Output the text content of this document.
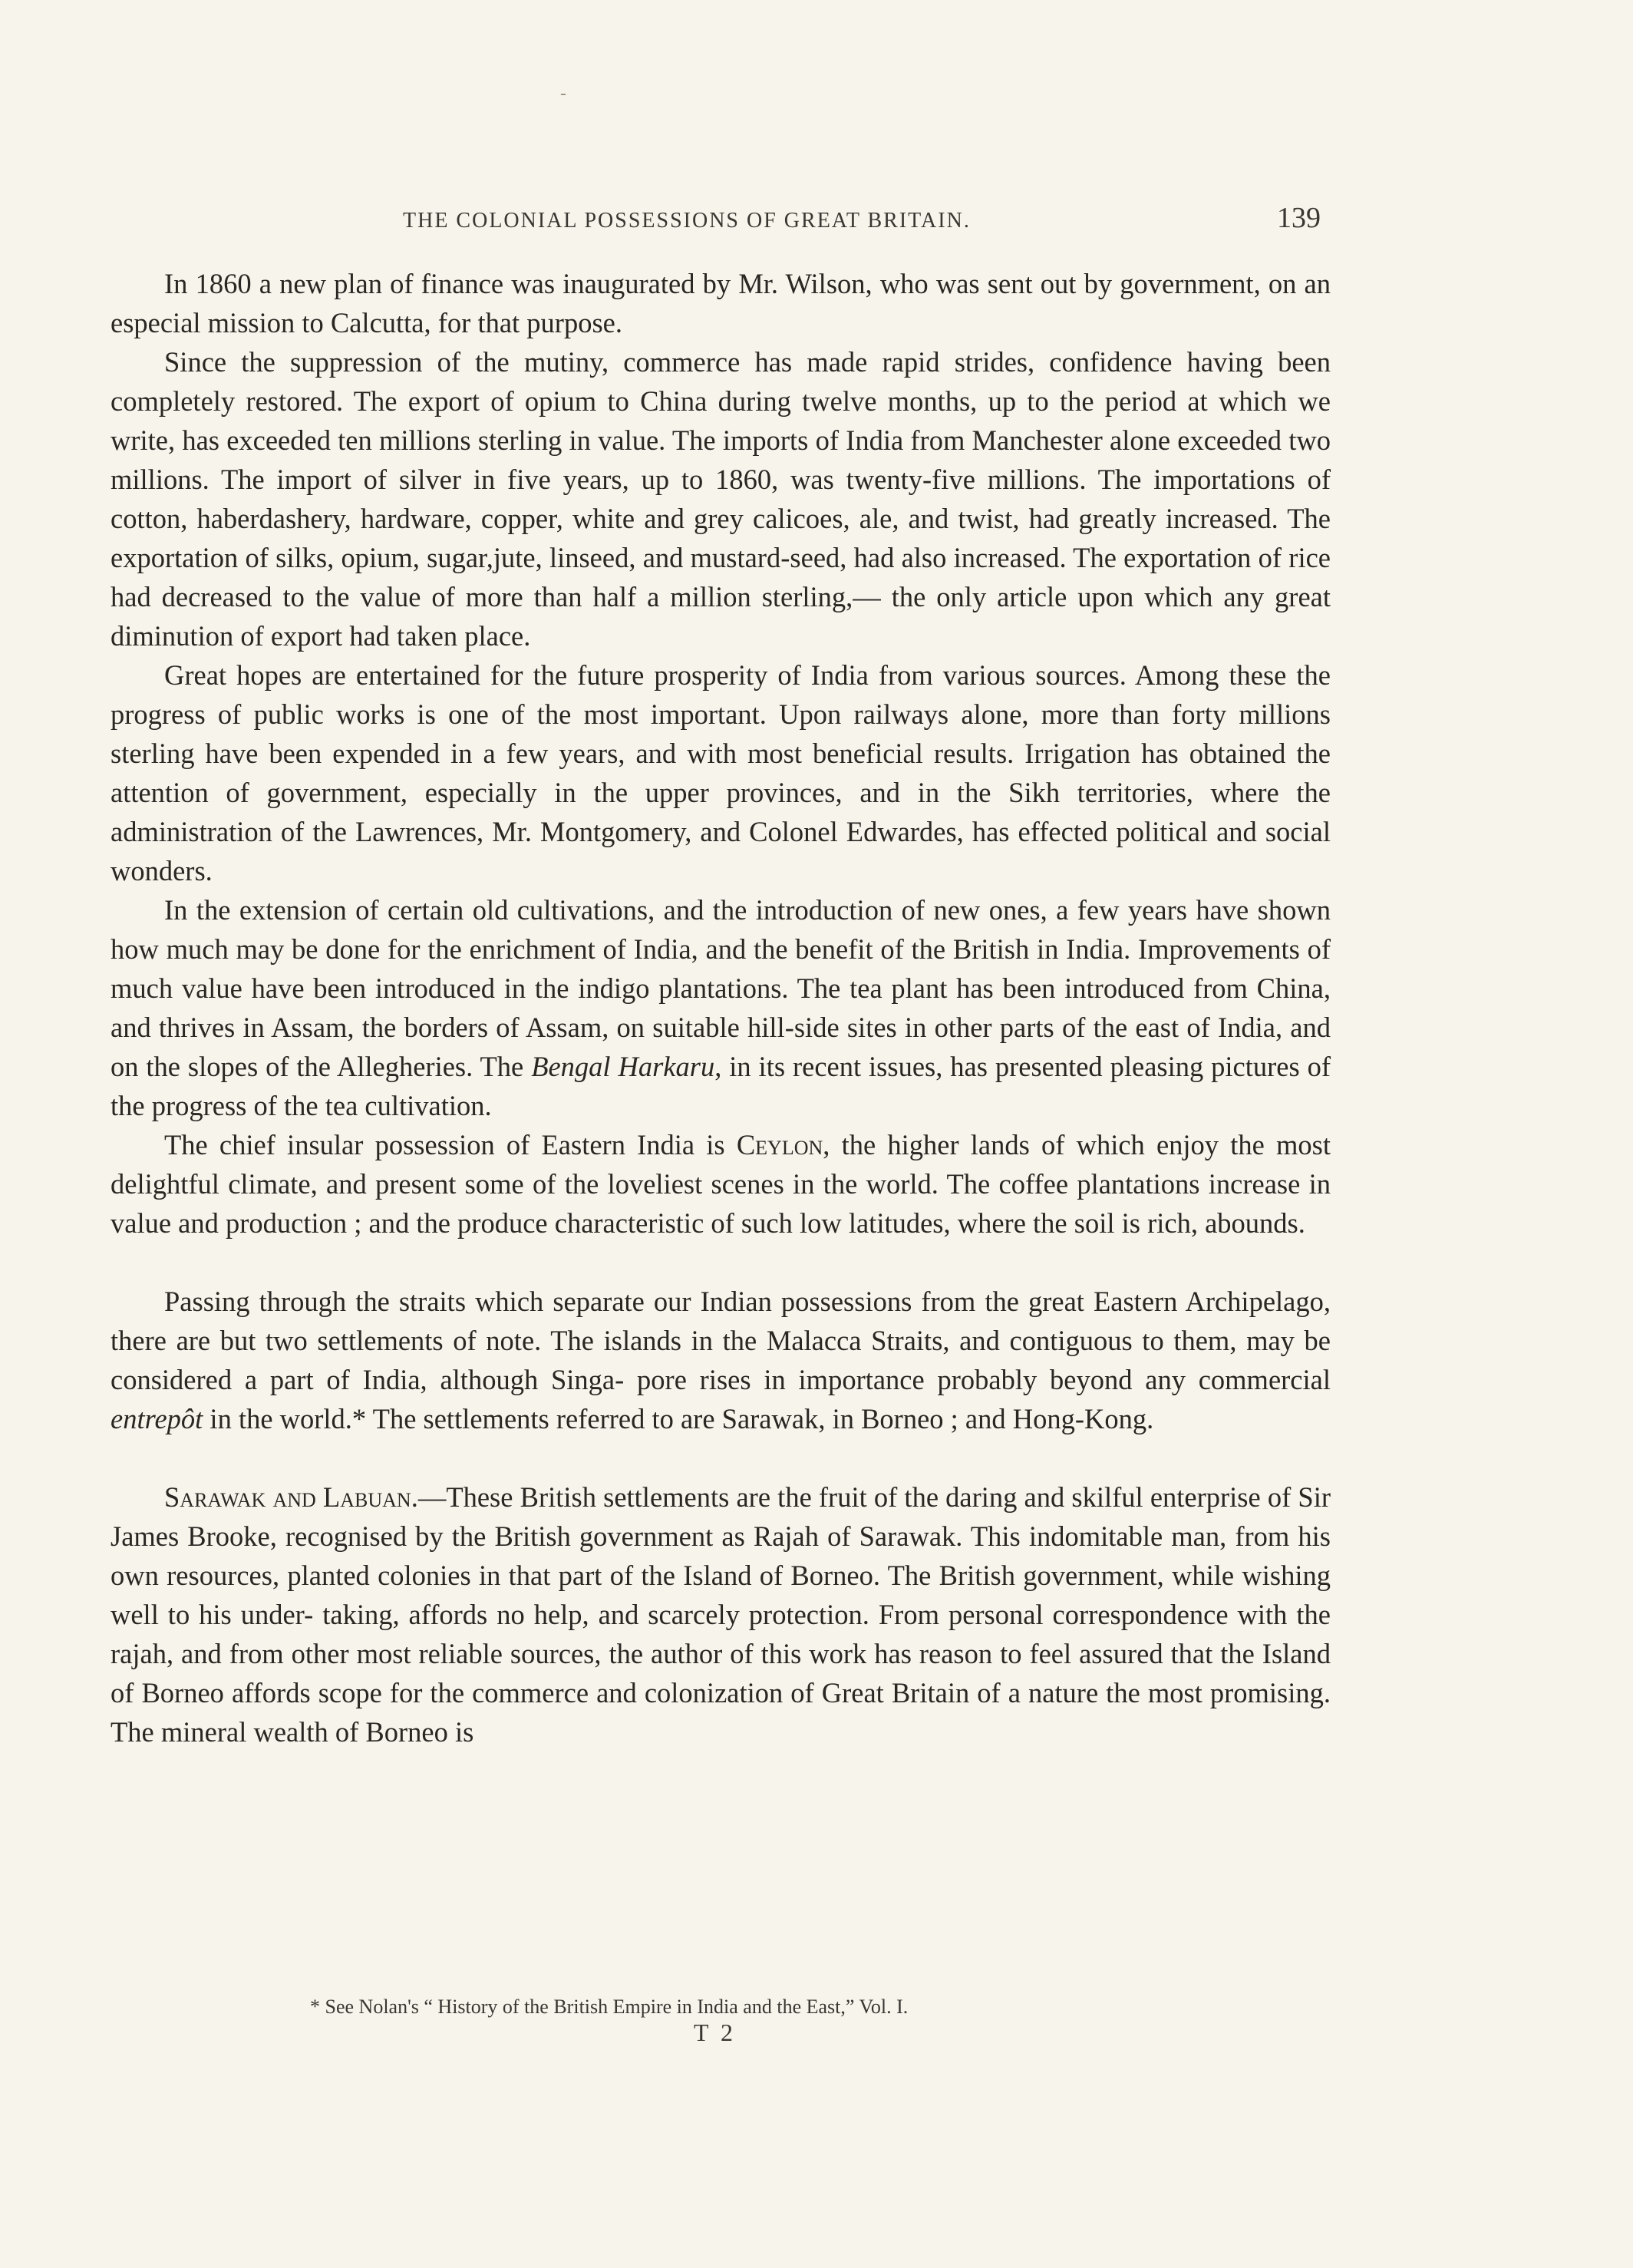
-
THE COLONIAL POSSESSIONS OF GREAT BRITAIN.	139

In 1860 a new plan of finance was inaugurated by Mr. Wilson, who was sent out by government, on an especial mission to Calcutta, for that purpose.

Since the suppression of the mutiny, commerce has made rapid strides, confidence having been completely restored. The export of opium to China during twelve months, up to the period at which we write, has exceeded ten millions sterling in value. The imports of India from Manchester alone exceeded two millions. The import of silver in five years, up to 1860, was twenty-five millions. The importations of cotton, haberdashery, hardware, copper, white and grey calicoes, ale, and twist, had greatly increased. The exportation of silks, opium, sugar,jute, linseed, and mustard-seed, had also increased. The exportation of rice had decreased to the value of more than half a million sterling,— the only article upon which any great diminution of export had taken place.

Great hopes are entertained for the future prosperity of India from various sources. Among these the progress of public works is one of the most important. Upon railways alone, more than forty millions sterling have been expended in a few years, and with most beneficial results. Irrigation has obtained the attention of government, especially in the upper provinces, and in the Sikh territories, where the administration of the Lawrences, Mr. Montgomery, and Colonel Edwardes, has effected political and social wonders.

In the extension of certain old cultivations, and the introduction of new ones, a few years have shown how much may be done for the enrichment of India, and the benefit of the British in India. Improvements of much value have been introduced in the indigo plantations. The tea plant has been introduced from China, and thrives in Assam, the borders of Assam, on suitable hill-side sites in other parts of the east of India, and on the slopes of the Allegheries. The Bengal Harkaru, in its recent issues, has presented pleasing pictures of the progress of the tea cultivation.

The chief insular possession of Eastern India is Ceylon, the higher lands of which enjoy the most delightful climate, and present some of the loveliest scenes in the world. The coffee plantations increase in value and production ; and the produce characteristic of such low latitudes, where the soil is rich, abounds.

Passing through the straits which separate our Indian possessions from the great Eastern Archipelago, there are but two settlements of note. The islands in the Malacca Straits, and contiguous to them, may be considered a part of India, although Singa- pore rises in importance probably beyond any commercial entrepôt in the world.* The settlements referred to are Sarawak, in Borneo ; and Hong-Kong.

Sarawak and Labuan.—These British settlements are the fruit of the daring and skilful enterprise of Sir James Brooke, recognised by the British government as Rajah of Sarawak. This indomitable man, from his own resources, planted colonies in that part of the Island of Borneo. The British government, while wishing well to his under- taking, affords no help, and scarcely protection. From personal correspondence with the rajah, and from other most reliable sources, the author of this work has reason to feel assured that the Island of Borneo affords scope for the commerce and colonization of Great Britain of a nature the most promising. The mineral wealth of Borneo is

* See Nolan's “ History of the British Empire in India and the East,” Vol. I.
T 2
